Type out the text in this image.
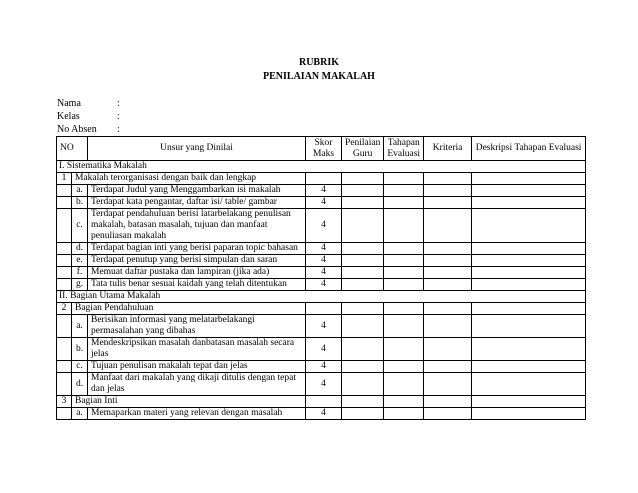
RUBRIK
PENILAIAN MAKALAH
Nama	:
Kelas	:
No Absen :
NO		Unsur yang Dinilai	Skor Maks	Penilaian Guru	Tahapan Evaluasi	Kriteria	Deskripsi Tahapan Evaluasi
I. Sistematika Makalah							
1	Makalah terorganisasi dengan baik dan lengkap						
	a.	Terdapat Judul yang Menggambarkan isi makalah	4				
	b.	Terdapat kata pengantar, daftar isi/ table/ gambar	4				
	c.	Terdapat pendahuluan berisi latarbelakang penulisan makalah, batasan masalah, tujuan dan manfaat penuliasan makalah	4				
	d.	Terdapat bagian inti yang berisi paparan topic bahasan	4				
	e.	Terdapat penutup yang berisi simpulan dan saran	4				
	f.	Memuat daftar pustaka dan lampiran (jika ada)	4				
	g.	Tata tulis benar sesuai kaidah yang telah ditentukan	4				
II. Bagian Utama Makalah							
2	Bagian Pendahuluan						
	a.	Berisikan informasi yang melatarbelakangi permasalahan yang dibahas	4				
	b.	Mendeskripsikan masalah danbatasan masalah secara jelas	4				
	c.	Tujuan penulisan makalah tepat dan jelas	4				
	d.	Manfaat dari makalah yang dikaji ditulis dengan tepat dan jelas	4				
3	Bagian Inti						
	a.	Memaparkan materi yang relevan dengan masalah	4				
